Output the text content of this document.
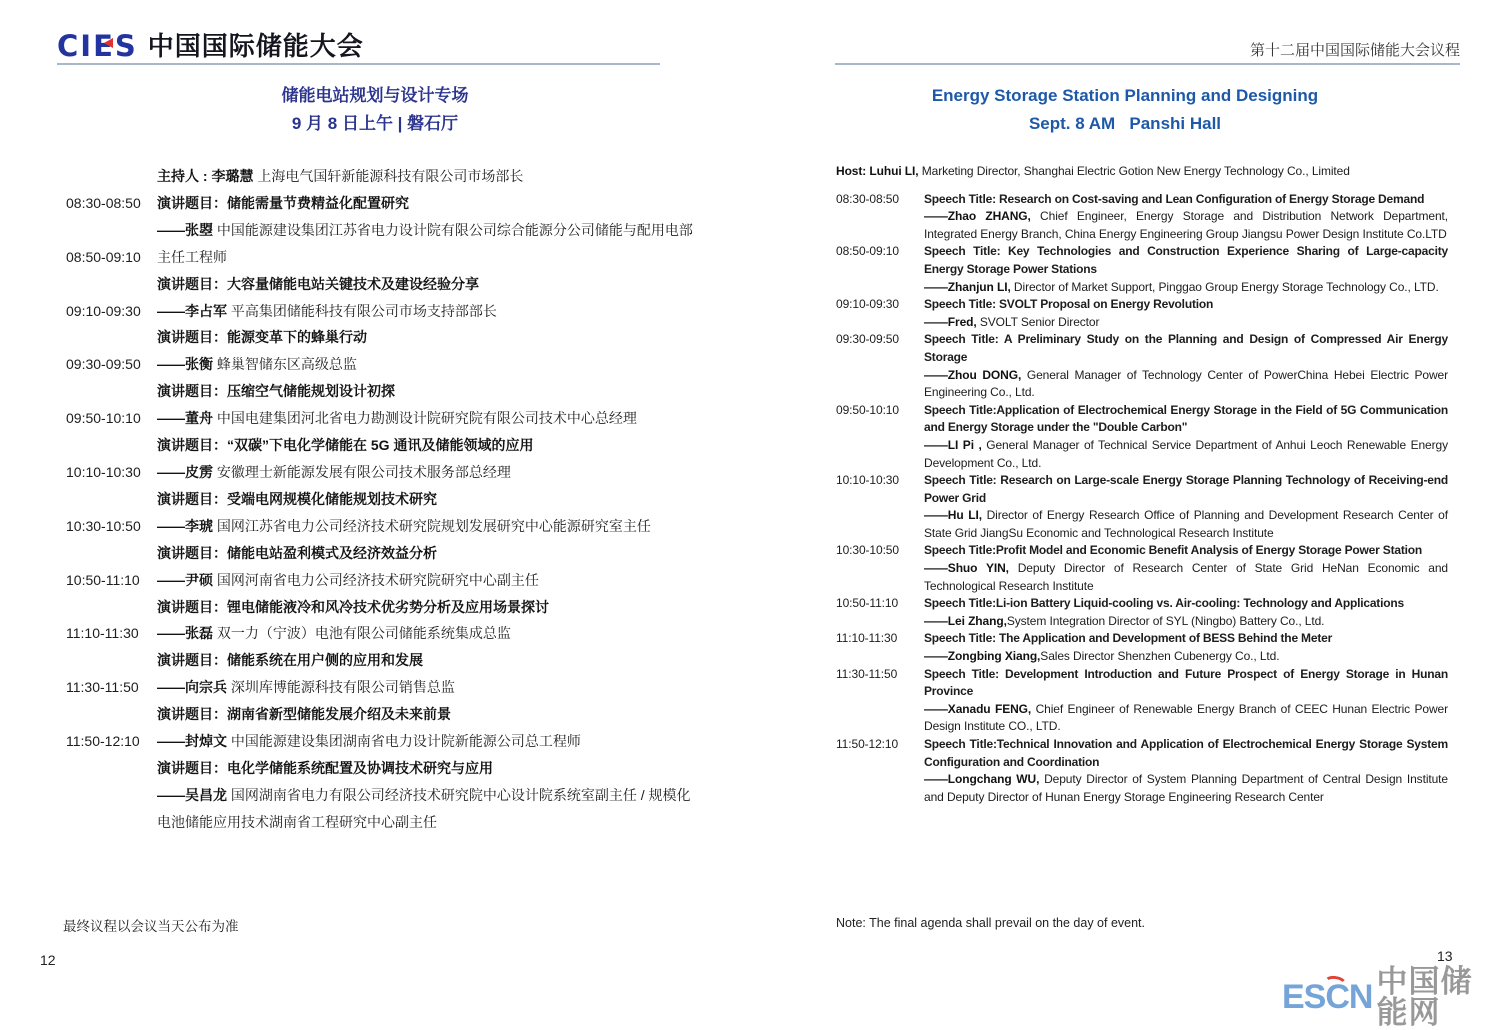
CIES 中国国际储能大会	第十二届中国国际储能大会议程
储能电站规划与设计专场
9 月 8 日上午 | 磐石厅
Energy Storage Station Planning and Designing
Sept. 8 AM   Panshi Hall
主持人 : 李璐慧 上海电气国轩新能源科技有限公司市场部长
08:30-08:50	演讲题目：储能需量节费精益化配置研究
——张曌 中国能源建设集团江苏省电力设计院有限公司综合能源分公司储能与配用电部
08:50-09:10	主任工程师
演讲题目：大容量储能电站关键技术及建设经验分享
09:10-09:30	——李占军 平高集团储能科技有限公司市场支持部部长
演讲题目：能源变革下的蜂巢行动
09:30-09:50	——张衡 蜂巢智储东区高级总监
演讲题目：压缩空气储能规划设计初探
09:50-10:10	——董舟 中国电建集团河北省电力勘测设计院研究院有限公司技术中心总经理
演讲题目：“双碳”下电化学储能在 5G 通讯及储能领域的应用
10:10-10:30	——皮雳 安徽理士新能源发展有限公司技术服务部总经理
演讲题目：受端电网规模化储能规划技术研究
10:30-10:50	——李琥 国网江苏省电力公司经济技术研究院规划发展研究中心能源研究室主任
演讲题目：储能电站盈利模式及经济效益分析
10:50-11:10	——尹硕 国网河南省电力公司经济技术研究院研究中心副主任
演讲题目：锂电储能液冷和风冷技术优劣势分析及应用场景探讨
11:10-11:30	——张磊 双一力（宁波）电池有限公司储能系统集成总监
演讲题目：储能系统在用户侧的应用和发展
11:30-11:50	——向宗兵 深圳库博能源科技有限公司销售总监
演讲题目：湖南省新型储能发展介绍及未来前景
11:50-12:10	——封焯文 中国能源建设集团湖南省电力设计院新能源公司总工程师
演讲题目：电化学储能系统配置及协调技术研究与应用
——吴昌龙 国网湖南省电力有限公司经济技术研究院中心设计院系统室副主任 / 规模化
电池储能应用技术湖南省工程研究中心副主任
Host: Luhui LI, Marketing Director, Shanghai Electric Gotion New Energy Technology Co., Limited
08:30-08:50	Speech Title: Research on Cost-saving and Lean Configuration of Energy Storage Demand
——Zhao ZHANG, Chief Engineer, Energy Storage and Distribution Network Department, Integrated Energy Branch, China Energy Engineering Group Jiangsu Power Design Institute Co.LTD
08:50-09:10	Speech Title: Key Technologies and Construction Experience Sharing of Large-capacity Energy Storage Power Stations
——Zhanjun LI, Director of Market Support, Pinggao Group Energy Storage Technology Co., LTD.
09:10-09:30	Speech Title: SVOLT Proposal on Energy Revolution
——Fred, SVOLT Senior Director
09:30-09:50	Speech Title: A Preliminary Study on the Planning and Design of Compressed Air Energy Storage
——Zhou DONG, General Manager of Technology Center of PowerChina Hebei Electric Power Engineering Co., Ltd.
09:50-10:10	Speech Title:Application of Electrochemical Energy Storage in the Field of 5G Communication and Energy Storage under the "Double Carbon"
——LI Pi , General Manager of Technical Service Department of Anhui Leoch Renewable Energy Development Co., Ltd.
10:10-10:30	Speech Title: Research on Large-scale Energy Storage Planning Technology of Receiving-end Power Grid
——Hu LI, Director of Energy Research Office of Planning and Development Research Center of State Grid JiangSu Economic and Technological Research Institute
10:30-10:50	Speech Title:Profit Model and Economic Benefit Analysis of Energy Storage Power Station
——Shuo YIN, Deputy Director of Research Center of State Grid HeNan Economic and Technological Research Institute
10:50-11:10	Speech Title:Li-ion Battery Liquid-cooling vs. Air-cooling: Technology and Applications
——Lei Zhang,System Integration Director of SYL (Ningbo) Battery Co., Ltd.
11:10-11:30	Speech Title: The Application and Development of BESS Behind the Meter
——Zongbing Xiang,Sales Director Shenzhen Cubenergy Co., Ltd.
11:30-11:50	Speech Title: Development Introduction and Future Prospect of Energy Storage in Hunan Province
——Xanadu FENG, Chief Engineer of Renewable Energy Branch of CEEC Hunan Electric Power Design Institute CO., LTD.
11:50-12:10	Speech Title:Technical Innovation and Application of Electrochemical Energy Storage System Configuration and Coordination
——Longchang WU, Deputy Director of System Planning Department of Central Design Institute and Deputy Director of Hunan Energy Storage Engineering Research Center
最终议程以会议当天公布为准	Note: The final agenda shall prevail on the day of event.
12	13
ESCN 中国储能网
